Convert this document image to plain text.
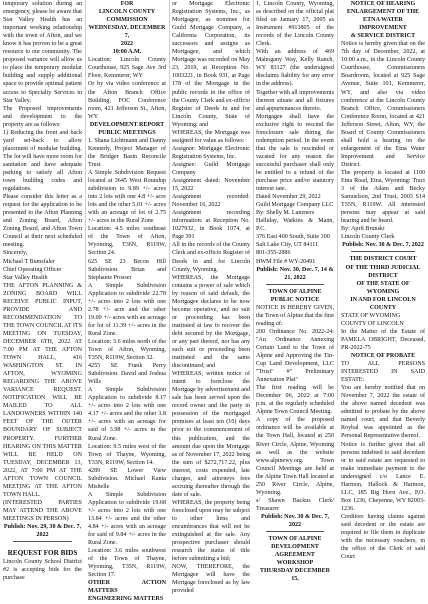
temporary solution during an emergency, please be aware that Star Valley Health has an important working relationship with the town of Afton, and we know it has proven to be a great resource to our community. The proposed variance will allow us to place the temporary modular building and supply additional space to provide optimal patient access to Specialty Services in Star Valley.

The Proposed improvements and development to the property are as follows:

1) Reducing the front and back yard set-back to allow placement of modular building. The lot will have more room for sanitation and have adequate parking to satisfy all Afton town building codes and regulations.

Please consider this letter as a request for the application to be presented to the Afton Planning and Zoning Board, Afton Zoning Board, and Afton Town Council at their next scheduled meeting.

Sincerely,

Michael T Bumsfaler

Chief Operating Officer

Star Valley Health

THE AFTON PLANNING & ZONING BOARD WILL RECEIVE PUBLIC INPUT, PROVIDE AND RECOMMENDATION TO THE TOWN COUNCIL AT ITS MEETING ON TUESDAY, DECEMBER 6TH, 2022 AT 7:00 PM AT THE AFTON TOWN HALL, 416 WASHINGTON ST. IN AFTON, WYOMING REGARDING THE ABOVE VARIANCE REQUEST. NOTIFICATION WILL BE MAILED TO ALL LANDOWNERS WITHIN 140 FEET OF THE OUTER BOUNDARY OF SUBJECT PROPERTY. FURTHER HEARING ON THIS MATTER WILL BE HELD ON TUESDAY, DECEMBER 13, 2022, AT 7:00 PM AT THE AFTON TOWN COUNCIL MEETING AT THE AFTON TOWN HALL.

(INTERESTED PARTIES MAY ATTEND THE ABOVE MEETINGS IN PERSON)

Publish: Nov. 29, 30 & Dec. 7, 2022

REQUEST FOR BIDS

Lincoln County School District #2 is accepting bids for the purchase

FOR

LINCOLN COUNTY

COMMISSION

WEDNESDAY, DECEMBER 7,

2022

10:00 A.M.

Location: Lincoln County Courthouse, 925 Sage Ave 3rd Floor, Kemmerer, WY

Or by via video conference at the Afton Branch Office Building, FOC Conference room, 421 Jefferson St., Afton, WY

DEVELOPMENT REPORT

PUBLIC MEETINGS

1. Shana Lichtmann and Danny Kennedy, Project Manager of the Bridger Basin Reconcile Trust

A Simple Subdivision Request located at 3645 West Roundup subdivision to 9.89 +/- acres into 2 lots with one 4.8 +/- acre lots and the other 5.01 +/- acres with an acreage of lot of 2.75 +/- acres in the Rural Zone

Location: 4.5 miles southeast of the Town of Afton, Wyoming, T36N, R119W, Section 24.

625 SE 23 Becon Hill Subdivision. Brian and Stephanie Prosser

A Simple Subdivision Application to subdivide 22.78 +/- acres into 2 lots with one 2.78 +/- acre and the other 19.00 +/- acres with an acreage for lot of 11.39 +/- acres in the Rural Zone.

Location: 3.6 miles north of the Town of Afton, Wyoming, T35N, R119W, Section 32.

4255 SE Frank Perry Subdivision. David and Joshua Wills

A Simple Subdivision Application to subdivide 8.17 +/- acres into 2 lots with one 4.17 +/- acres and the other 3.8 +/- acres with an acreage for said of 3.98 +/- acres in the Rural Zone.

Location: 9.5 miles west of the Town of Thayne, Wyoming, T33N, R119W, Section 14.

4289 SE Lower View Subdivision. Michael Kanta Mishelle

A Simple Subdivision Application to subdivide 19.68 +/- acres into 2 lots with one 13.84 +/- acres and the other 4.84 +/- acres with an acreage for said of 9.84 +/- acres in the Rural Zone.

Location: 3.6 miles southwest of the Town of Thayne, Wyoming, T35N, R119W, Section 17.

OTHER ACTION MATTERS

ENGINEERING MATTERS

or Mortgage Electronic Registration Systems, Inc., as Mortgagee, as nominee for Guild Mortgage Company, a California Corporation, its successors and assigns as Mortgagee, and which Mortgage was recorded on May 23, 2019, at Reception No. 1003221, in Book 931, at Page 178 of the Mortgage in the public records in the office of the County Clerk and ex-officio Register of Deeds in and for Lincoln County, State of Wyoming; and

WHEREAS, the Mortgage was assigned for value as follows:

Assignor: Mortgage Electronic Registration Systems, Inc.

Assignee: Guild Mortgage Company

Assignment dated: November 15, 2022

Assignment recorded: November 16, 2022

Assignment recording information: at Reception No. 1027932, in Book 1074, at Page 391

All in the records of the County Clerk and ex-officio Register of Deeds in and for Lincoln County, Wyoming.

WHEREAS, the Mortgage contains a power of sale which by reason of said default, the Mortgagee declares to be now become operative, and no suit or proceeding has been instituted at law to recover the debt secured by the Mortgage, or any part thereof, nor has any such suit or proceeding been instituted and the same discontinued; and

WHEREAS, written notice of intent to foreclose the Mortgage by advertisement and sale has been served upon the record owner and the party in possession of the mortgaged premises at least ten (10) days prior to the commencement of this publication, and the amount due upon the Mortgage as of November 17, 2022 being the sum of $272,717.22, plus interest, costs expended, late charges, and attorneys fees accruing thereafter through the date of sale.

WHEREAS, the property being foreclosed upon may be subject to other liens and encumbrances that will not be extinguished at the sale. Any prospective purchaser should research the status of title before submitting a bid;

NOW, THEREFORE, the Mortgagee will have the Mortgage foreclosed as by law provided

1, Lincoln County, Wyoming, as described on the official plat filed on January 17, 2005 as Instrument #913805 of the records of the Lincoln County Clerk.

With an address of 469 Mahogany Way, Kelly Ranch, WY 83127 (the undersigned disclaims liability for any error in the address).

Together with all improvements thereon situate and all fixtures and appurtenances thereto.

Mortgagee shall have the exclusive right to rescind the foreclosure sale during the redemption period. In the event that the sale is rescinded or vacated for any reason the successful purchaser shall only be entitled to a refund of the purchase price and/or statutory interest rate.

Dated November 29, 2022

Guild Mortgage Company LLC

By: Shelly M. Lanzners

Halliday, Watkins & Mann, P.C.

376 East 400 South, Suite 300

Salt Lake City, UT 84111

801-355-2886

HWM File # WY-20491

Publish: Nov. 30, Dec. 7, 14 & 21, 2022

TOWN OF ALPINE

PUBLIC NOTICE

NOTICE IS HEREBY GIVEN, the Town of Alpine that the first reading of:

200 Ordinance No. 2022-24: "An Ordinance Annexing Certain Land to the Town of Alpine and Approving the Tin-Cup Land Development, LLC "Trust" #" Preliminary Annexation Plat"

The first reading will be December 06, 2022 at 7:00 p.m. at the regularly scheduled Alpine Town Council Meeting.

A copy of the proposed ordinance will be available at the Town Hall, located at 250 River Circle, Alpine, Wyoming as well as the website www.alpinewy.org. Town Council Meetings are held at the Alpine Town Hall located at 250 River Circle, Alpine, Wyoming.

s/ Shawn Backus Clerk/ Treasurer

Publish: Nov. 30 & Dec. 7, 2022

TOWN OF ALPINE

DEVELOPMENT AGREEMENT

WORKSHOP

THURSDAY DECEMBER 15,

NOTICE OF HEARING

ENLARGEMENT OF THE

ETNA WATER IMPROVEMENT

& SERVICE DISTRICT

Notice is hereby given that on the 7th day of December, 2022, at 10:00 a.m., in the Lincoln County Courthouse, Commissioners Boardroom, located at 925 Sage Avenue, Suite 101, Kemmerer, WY, and also via video conference at the Lincoln County Branch Office, Commissioners Conference Room, located at 421 Jefferson Street, Afton, WY, the Board of County Commissioners shall hold a hearing on the enlargement of the Etna Water Improvement and Service District.

The property is located at 1100 Etna Road, Etna, Wyoming: Tract 3 of the Adam and Becky Samuelson, 2nd Trust, 2003 S14 T35N, R119W. All interested persons may appear at said hearing and be heard.

By: April Brunski

Lincoln County Clerk

Publish: Nov. 30 & Dec. 7, 2022

THE DISTRICT COURT

OF THE THIRD JUDICIAL

DISTRICT

OF THE STATE OF WYOMING

IN AND FOR LINCOLN

COUNTY

STATE OF WYOMING

COUNTY OF LINCOLN

In the Matter of the Estate of PAMELA OBRIGHT, Deceased, PR-2022-75

NOTICE OF PROBATE

TO ALL PERSONS INTERESTED IN SAID ESTATE:

You are hereby notified that on November 7, 2022 the estate of the above named decedent was admitted to probate by the above named court, and that Beverly Roybal was appointed as the Personal Representative thereof.

Notice is further given that all persons indebted to said decedent or to said estate are requested to make immediate payment to the undersigned c/o Lance E. Harmon, Hallock & Harmon, LLC, 185 Big Horn Ave., P.O. Box 1236, Cheyenne, WY 82003-1236.

Creditors having claims against said decedent or the estate are required to file them in duplicate with the necessary vouchers, in the office of the Clerk of said Court
